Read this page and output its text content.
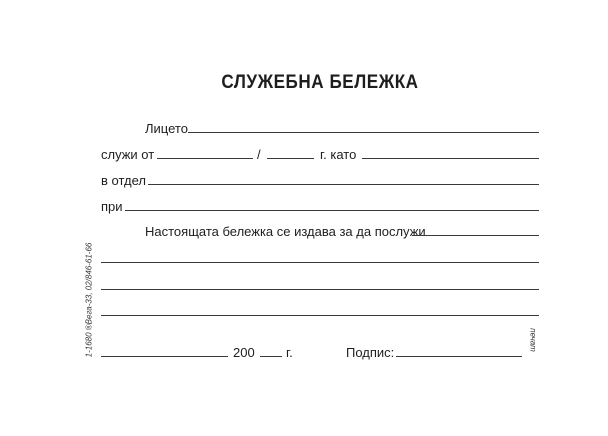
СЛУЖЕБНА БЕЛЕЖКА
Лицето
служи от	/	г. като
в отдел
при
Настоящата бележка се издава за да послужи
200 г.	Подпис:
1-1680 ®Вега-33, 02/846-61-66	печат
